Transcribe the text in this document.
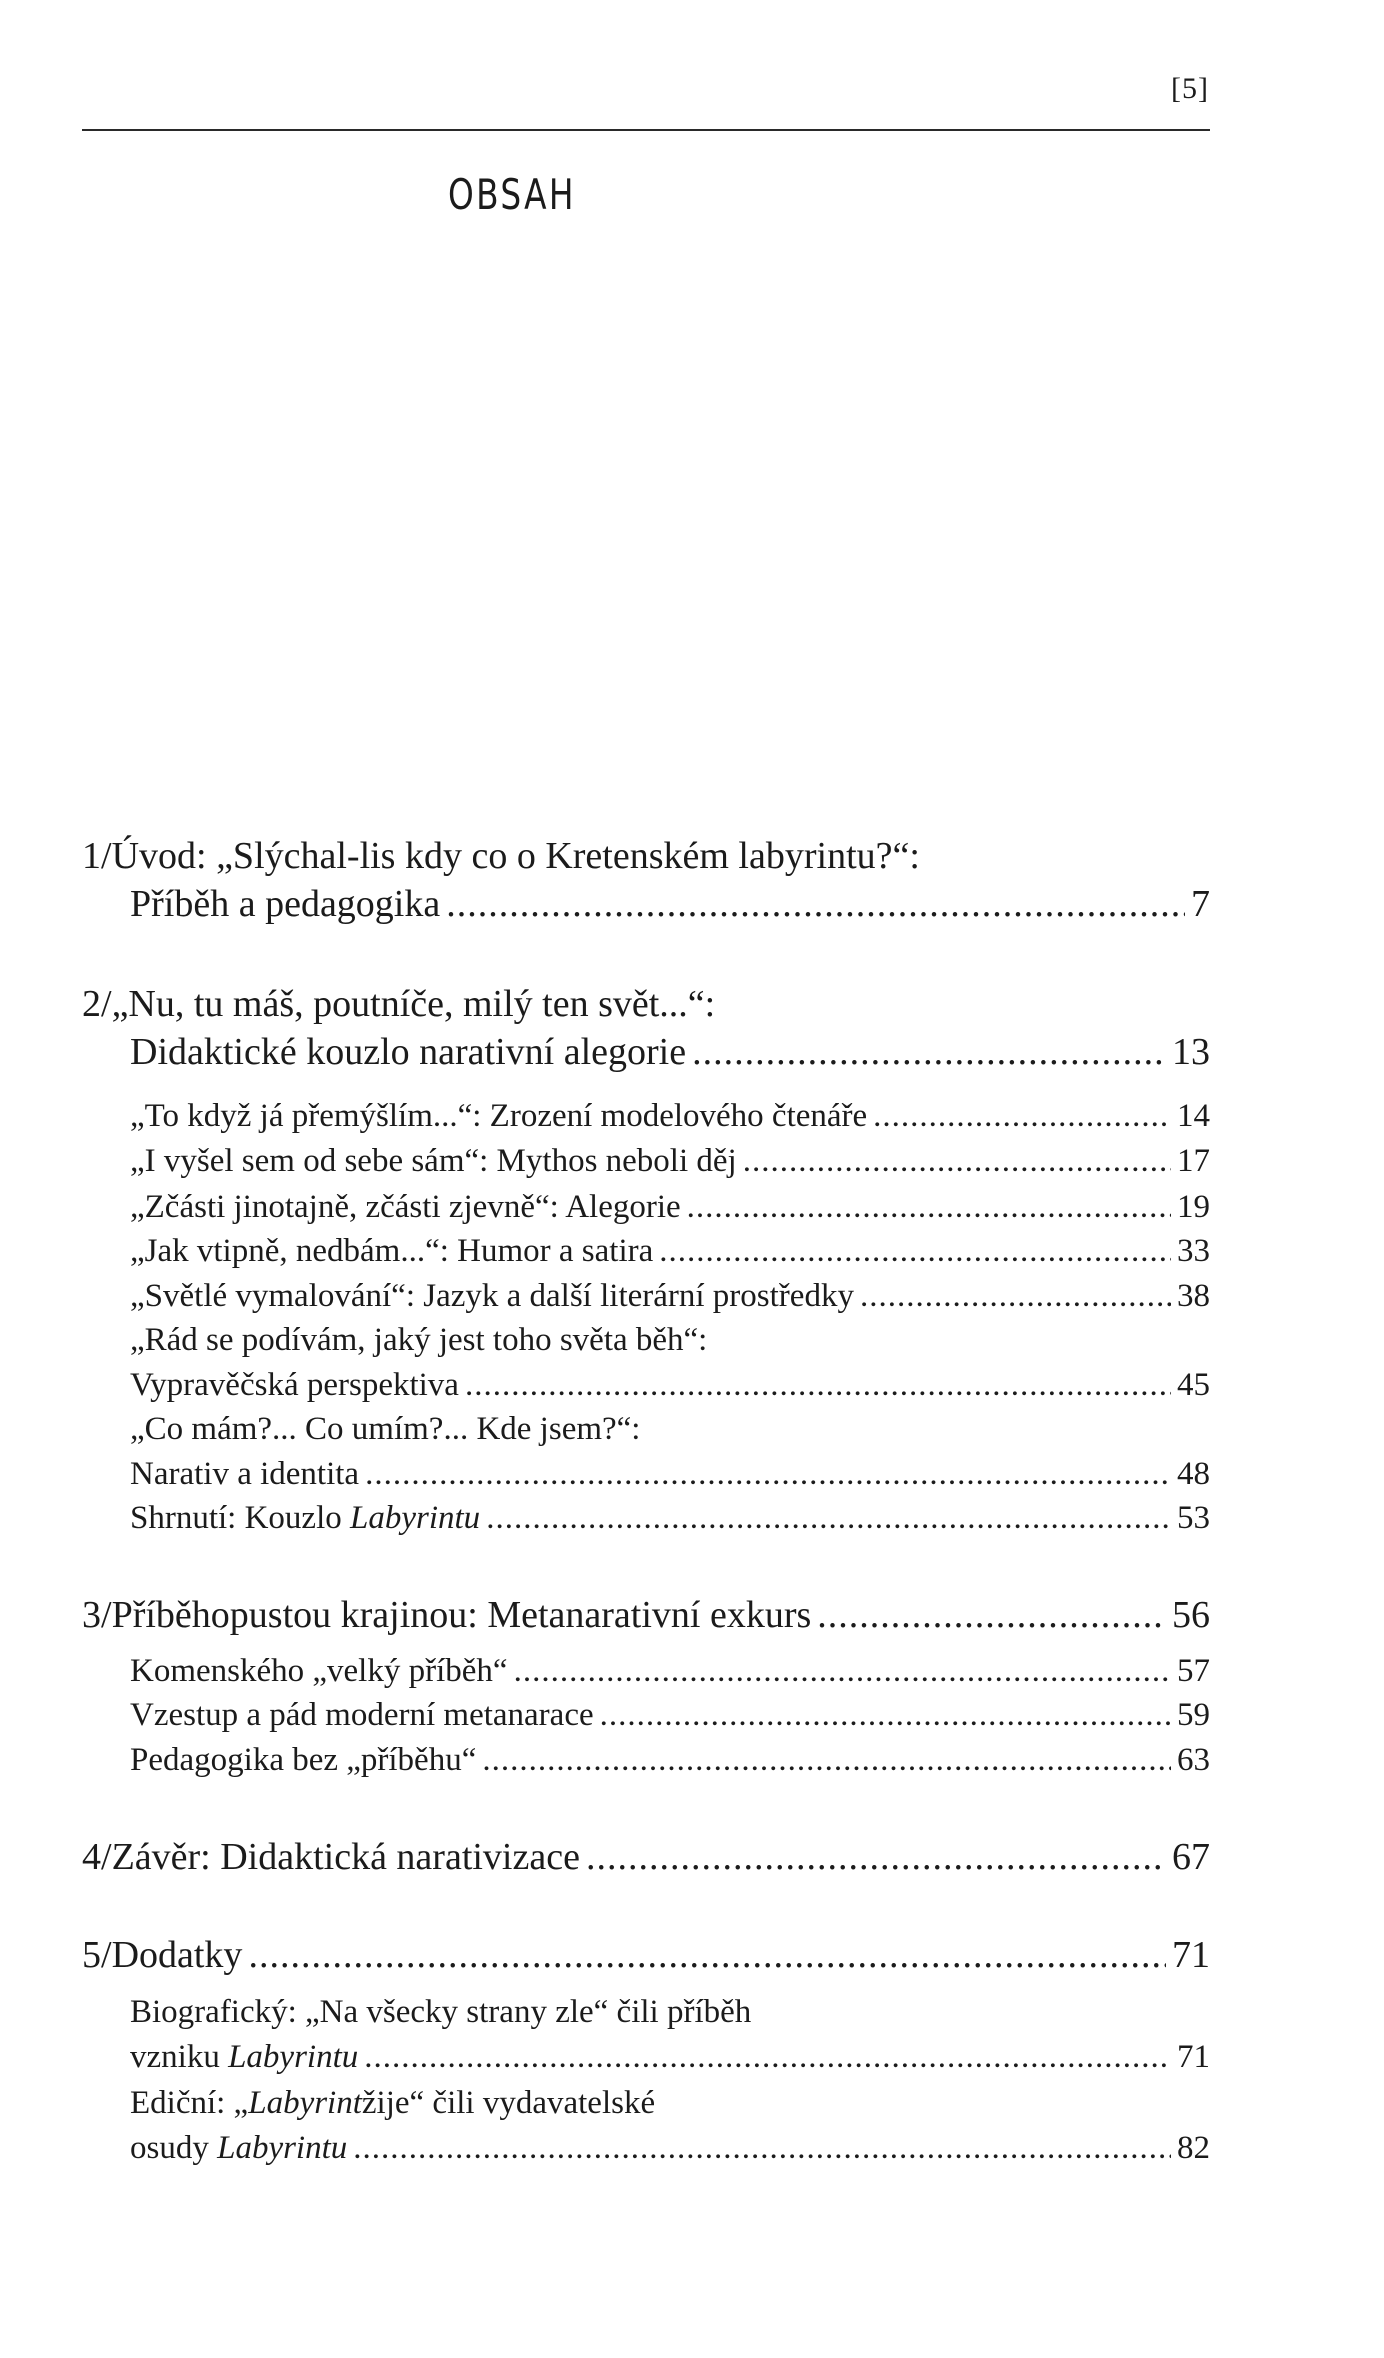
[5]
OBSAH
1/ Úvod: „Slýchal-lis kdy co o Kretenském labyrintu?“:
Příběh a pedagogika .....	7
2/ „Nu, tu máš, poutníče, milý ten svět...“:
Didaktické kouzlo narativní alegorie .....	13
„To když já přemýšlím...“: Zrození modelového čtenáře .....	14
„I vyšel sem od sebe sám“: Mythos neboli děj .....	17
„Zčásti jinotajně, zčásti zjevně“: Alegorie .....	19
„Jak vtipně, nedbám...“: Humor a satira .....	33
„Světlé vymalování“: Jazyk a další literární prostředky .....	38
„Rád se podívám, jaký jest toho světa běh“:
Vypravěčská perspektiva .....	45
„Co mám?... Co umím?... Kde jsem?“:
Narativ a identita .....	48
Shrnutí: Kouzlo Labyrintu .....	53
3/Příběhopustou krajinou: Metanarativní exkurs .....	56
Komenského „velký příběh“ .....	57
Vzestup a pád moderní metanarace .....	59
Pedagogika bez „příběhu“ .....	63
4/Závěr: Didaktická narativizace .....	67
5/Dodatky .....	71
Biografický: „Na všecky strany zle“ čili příběh
vzniku Labyrintu .....	71
Ediční: „ Labyrint žije“ čili vydavatelské
osudy Labyrintu .....	82
